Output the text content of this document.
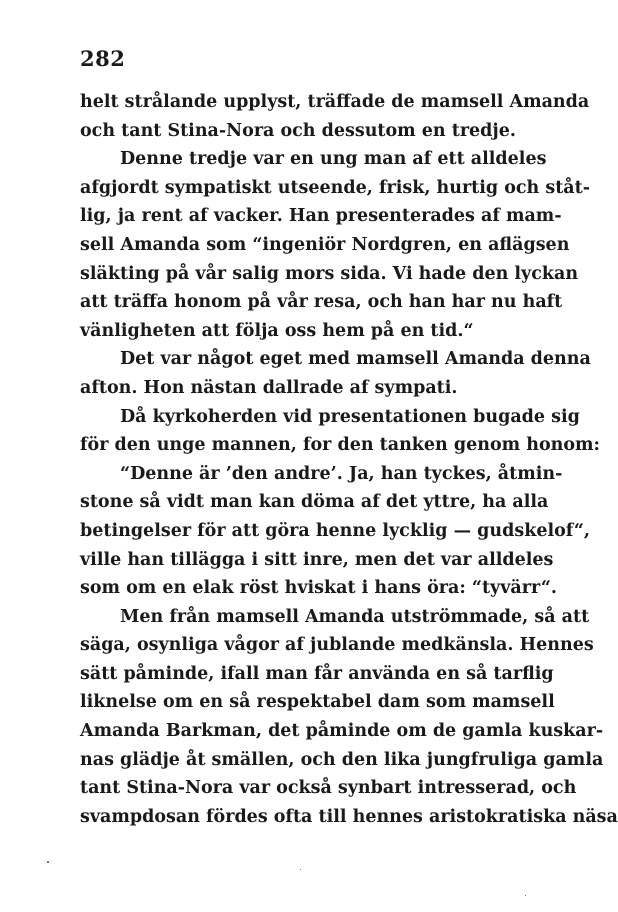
282
helt strålande upplyst, träffade de mamsell Amanda
och tant Stina-Nora och dessutom en tredje.
Denne tredje var en ung man af ett alldeles
afgjordt sympatiskt utseende, frisk, hurtig och ståt-
lig, ja rent af vacker. Han presenterades af mam-
sell Amanda som “ingeniör Nordgren, en aflägsen
släkting på vår salig mors sida. Vi hade den lyckan
att träffa honom på vår resa, och han har nu haft
vänligheten att följa oss hem på en tid.“
Det var något eget med mamsell Amanda denna
afton. Hon nästan dallrade af sympati.
Då kyrkoherden vid presentationen bugade sig
för den unge mannen, for den tanken genom honom:
“Denne är ’den andre’. Ja, han tyckes, åtmin-
stone så vidt man kan döma af det yttre, ha alla
betingelser för att göra henne lycklig — gudskelof“,
ville han tillägga i sitt inre, men det var alldeles
som om en elak röst hviskat i hans öra: “tyvärr“.
Men från mamsell Amanda utströmmade, så att
säga, osynliga vågor af jublande medkänsla. Hennes
sätt påminde, ifall man får använda en så tarflig
liknelse om en så respektabel dam som mamsell
Amanda Barkman, det påminde om de gamla kuskar-
nas glädje åt smällen, och den lika jungfruliga gamla
tant Stina-Nora var också synbart intresserad, och
svampdosan fördes ofta till hennes aristokratiska näsa
